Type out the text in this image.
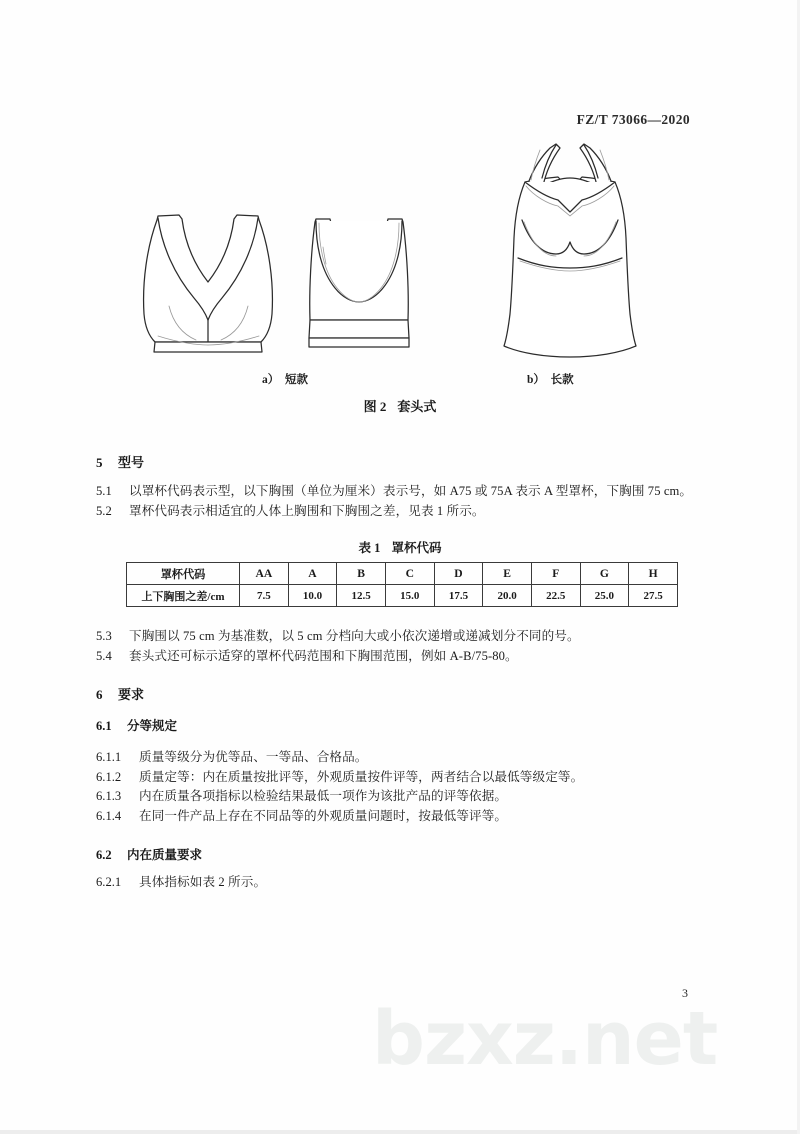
FZ/T 73066—2020
a）　短款	b）　长款
图 2 套头式
5 型号
5.1 以罩杯代码表示型，以下胸围（单位为厘米）表示号，如 A75 或 75A 表示 A 型罩杯，下胸围 75 cm。
5.2 罩杯代码表示相适宜的人体上胸围和下胸围之差，见表 1 所示。
表 1 罩杯代码
罩杯代码	AA	A	B	C	D	E	F	G	H
上下胸围之差/cm	7.5	10.0	12.5	15.0	17.5	20.0	22.5	25.0	27.5
5.3 下胸围以 75 cm 为基准数，以 5 cm 分档向大或小依次递增或递减划分不同的号。
5.4 套头式还可标示适穿的罩杯代码范围和下胸围范围，例如 A-B/75-80。
6 要求
6.1 分等规定
6.1.1 质量等级分为优等品、一等品、合格品。
6.1.2 质量定等：内在质量按批评等，外观质量按件评等，两者结合以最低等级定等。
6.1.3 内在质量各项指标以检验结果最低一项作为该批产品的评等依据。
6.1.4 在同一件产品上存在不同品等的外观质量问题时，按最低等评等。
6.2 内在质量要求
6.2.1 具体指标如表 2 所示。
bzxz.net
3
